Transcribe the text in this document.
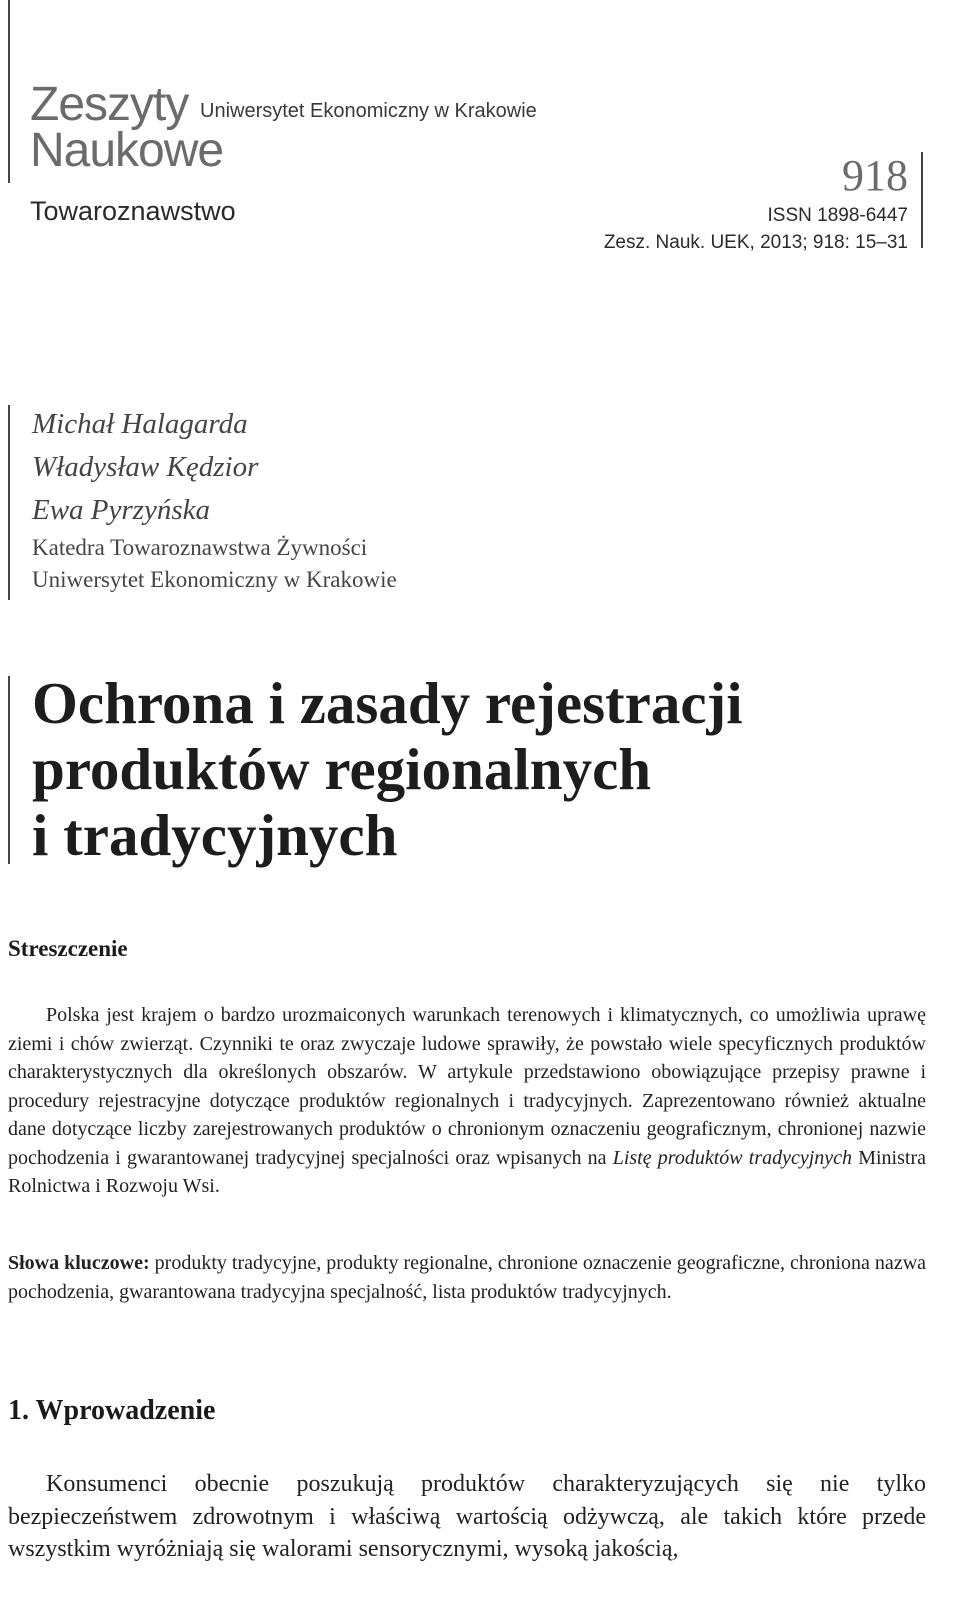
Zeszyty
Naukowe
Uniwersytet Ekonomiczny w Krakowie
Towaroznawstwo
918
ISSN 1898-6447
Zesz. Nauk. UEK, 2013; 918: 15–31
Michał Halagarda
Władysław Kędzior
Ewa Pyrzyńska
Katedra Towaroznawstwa Żywności
Uniwersytet Ekonomiczny w Krakowie
Ochrona i zasady rejestracji
produktów regionalnych
i tradycyjnych
Streszczenie
Polska jest krajem o bardzo urozmaiconych warunkach terenowych i klimatycznych, co umożliwia uprawę ziemi i chów zwierząt. Czynniki te oraz zwyczaje ludowe sprawiły, że powstało wiele specyficznych produktów charakterystycznych dla określonych obszarów. W artykule przedstawiono obowiązujące przepisy prawne i procedury rejestracyjne dotyczące produktów regionalnych i tradycyjnych. Zaprezentowano również aktualne dane dotyczące liczby zarejestrowanych produktów o chronionym oznaczeniu geograficznym, chronionej nazwie pochodzenia i gwarantowanej tradycyjnej specjalności oraz wpisanych na Listę produktów tradycyjnych Ministra Rolnictwa i Rozwoju Wsi.
Słowa kluczowe: produkty tradycyjne, produkty regionalne, chronione oznaczenie geograficzne, chroniona nazwa pochodzenia, gwarantowana tradycyjna specjalność, lista produktów tradycyjnych.
1. Wprowadzenie
Konsumenci obecnie poszukują produktów charakteryzujących się nie tylko bezpieczeństwem zdrowotnym i właściwą wartością odżywczą, ale takich które przede wszystkim wyróżniają się walorami sensorycznymi, wysoką jakością,
